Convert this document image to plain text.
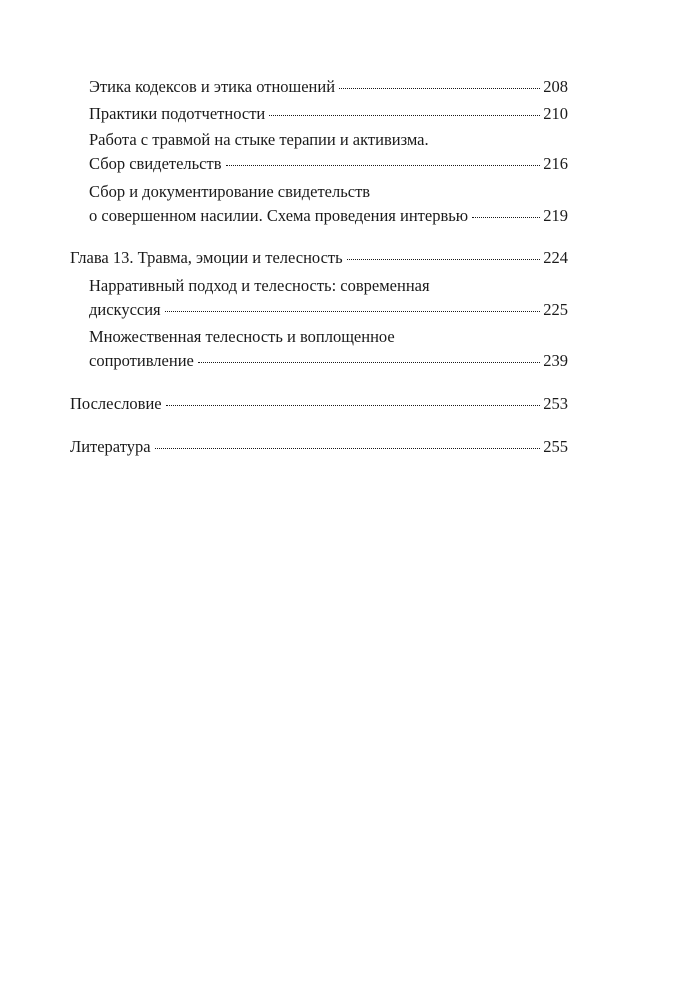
Этика кодексов и этика отношений	208
Практики подотчетности	210
Работа с травмой на стыке терапии и активизма.
Сбор свидетельств	216
Сбор и документирование свидетельств
о совершенном насилии. Схема проведения интервью	219
Глава 13. Травма, эмоции и телесность	224
Нарративный подход и телесность: современная
дискуссия	225
Множественная телесность и воплощенное
сопротивление	239
Послесловие	253
Литература	255
